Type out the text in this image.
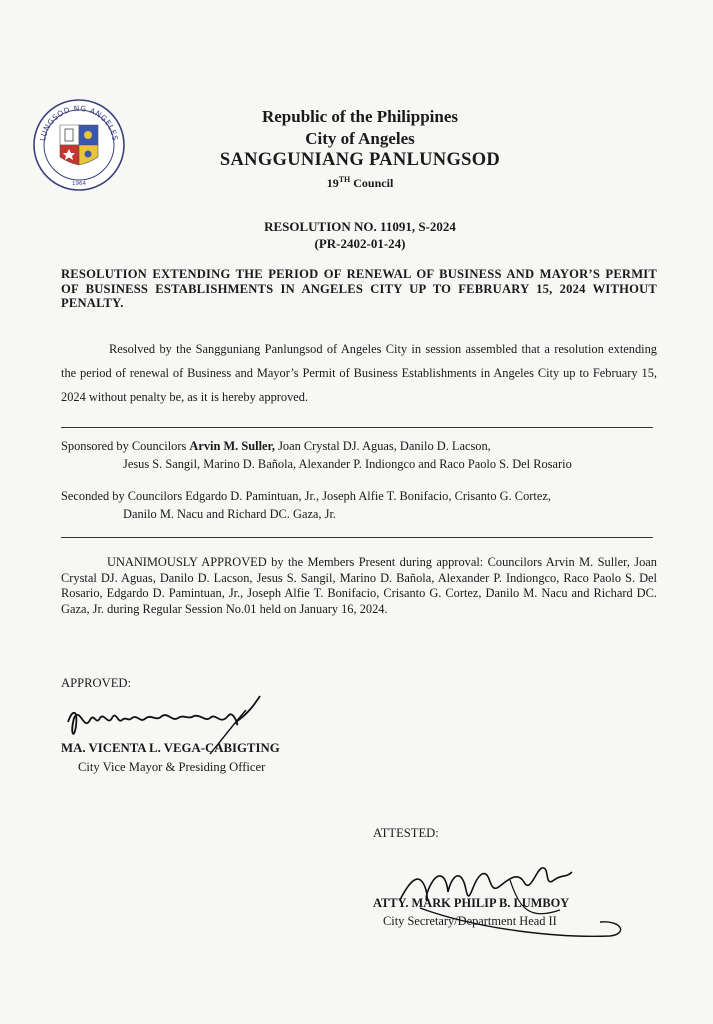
LUNGSOD NG ANGELES
1964
Republic of the Philippines
City of Angeles
SANGGUNIANG PANLUNGSOD
19TH Council
RESOLUTION NO. 11091, S-2024
(PR-2402-01-24)
RESOLUTION EXTENDING THE PERIOD OF RENEWAL OF BUSINESS AND MAYOR’S PERMIT OF BUSINESS ESTABLISHMENTS IN ANGELES CITY UP TO FEBRUARY 15, 2024 WITHOUT PENALTY.
Resolved by the Sangguniang Panlungsod of Angeles City in session assembled that a resolution extending the period of renewal of Business and Mayor’s Permit of Business Establishments in Angeles City up to February 15, 2024 without penalty be, as it is hereby approved.
Sponsored by Councilors Arvin M. Suller, Joan Crystal DJ. Aguas, Danilo D. Lacson,
Jesus S. Sangil, Marino D. Bañola, Alexander P. Indiongco and Raco Paolo S. Del Rosario
Seconded by Councilors Edgardo D. Pamintuan, Jr., Joseph Alfie T. Bonifacio, Crisanto G. Cortez,
Danilo M. Nacu and Richard DC. Gaza, Jr.
UNANIMOUSLY APPROVED by the Members Present during approval: Councilors Arvin M. Suller, Joan Crystal DJ. Aguas, Danilo D. Lacson, Jesus S. Sangil, Marino D. Bañola, Alexander P. Indiongco, Raco Paolo S. Del Rosario, Edgardo D. Pamintuan, Jr., Joseph Alfie T. Bonifacio, Crisanto G. Cortez, Danilo M. Nacu and Richard DC. Gaza, Jr. during Regular Session No.01 held on January 16, 2024.
APPROVED:
MA. VICENTA L. VEGA-CABIGTING
City Vice Mayor & Presiding Officer
ATTESTED:
ATTY. MARK PHILIP B. LUMBOY
City Secretary/Department Head II
